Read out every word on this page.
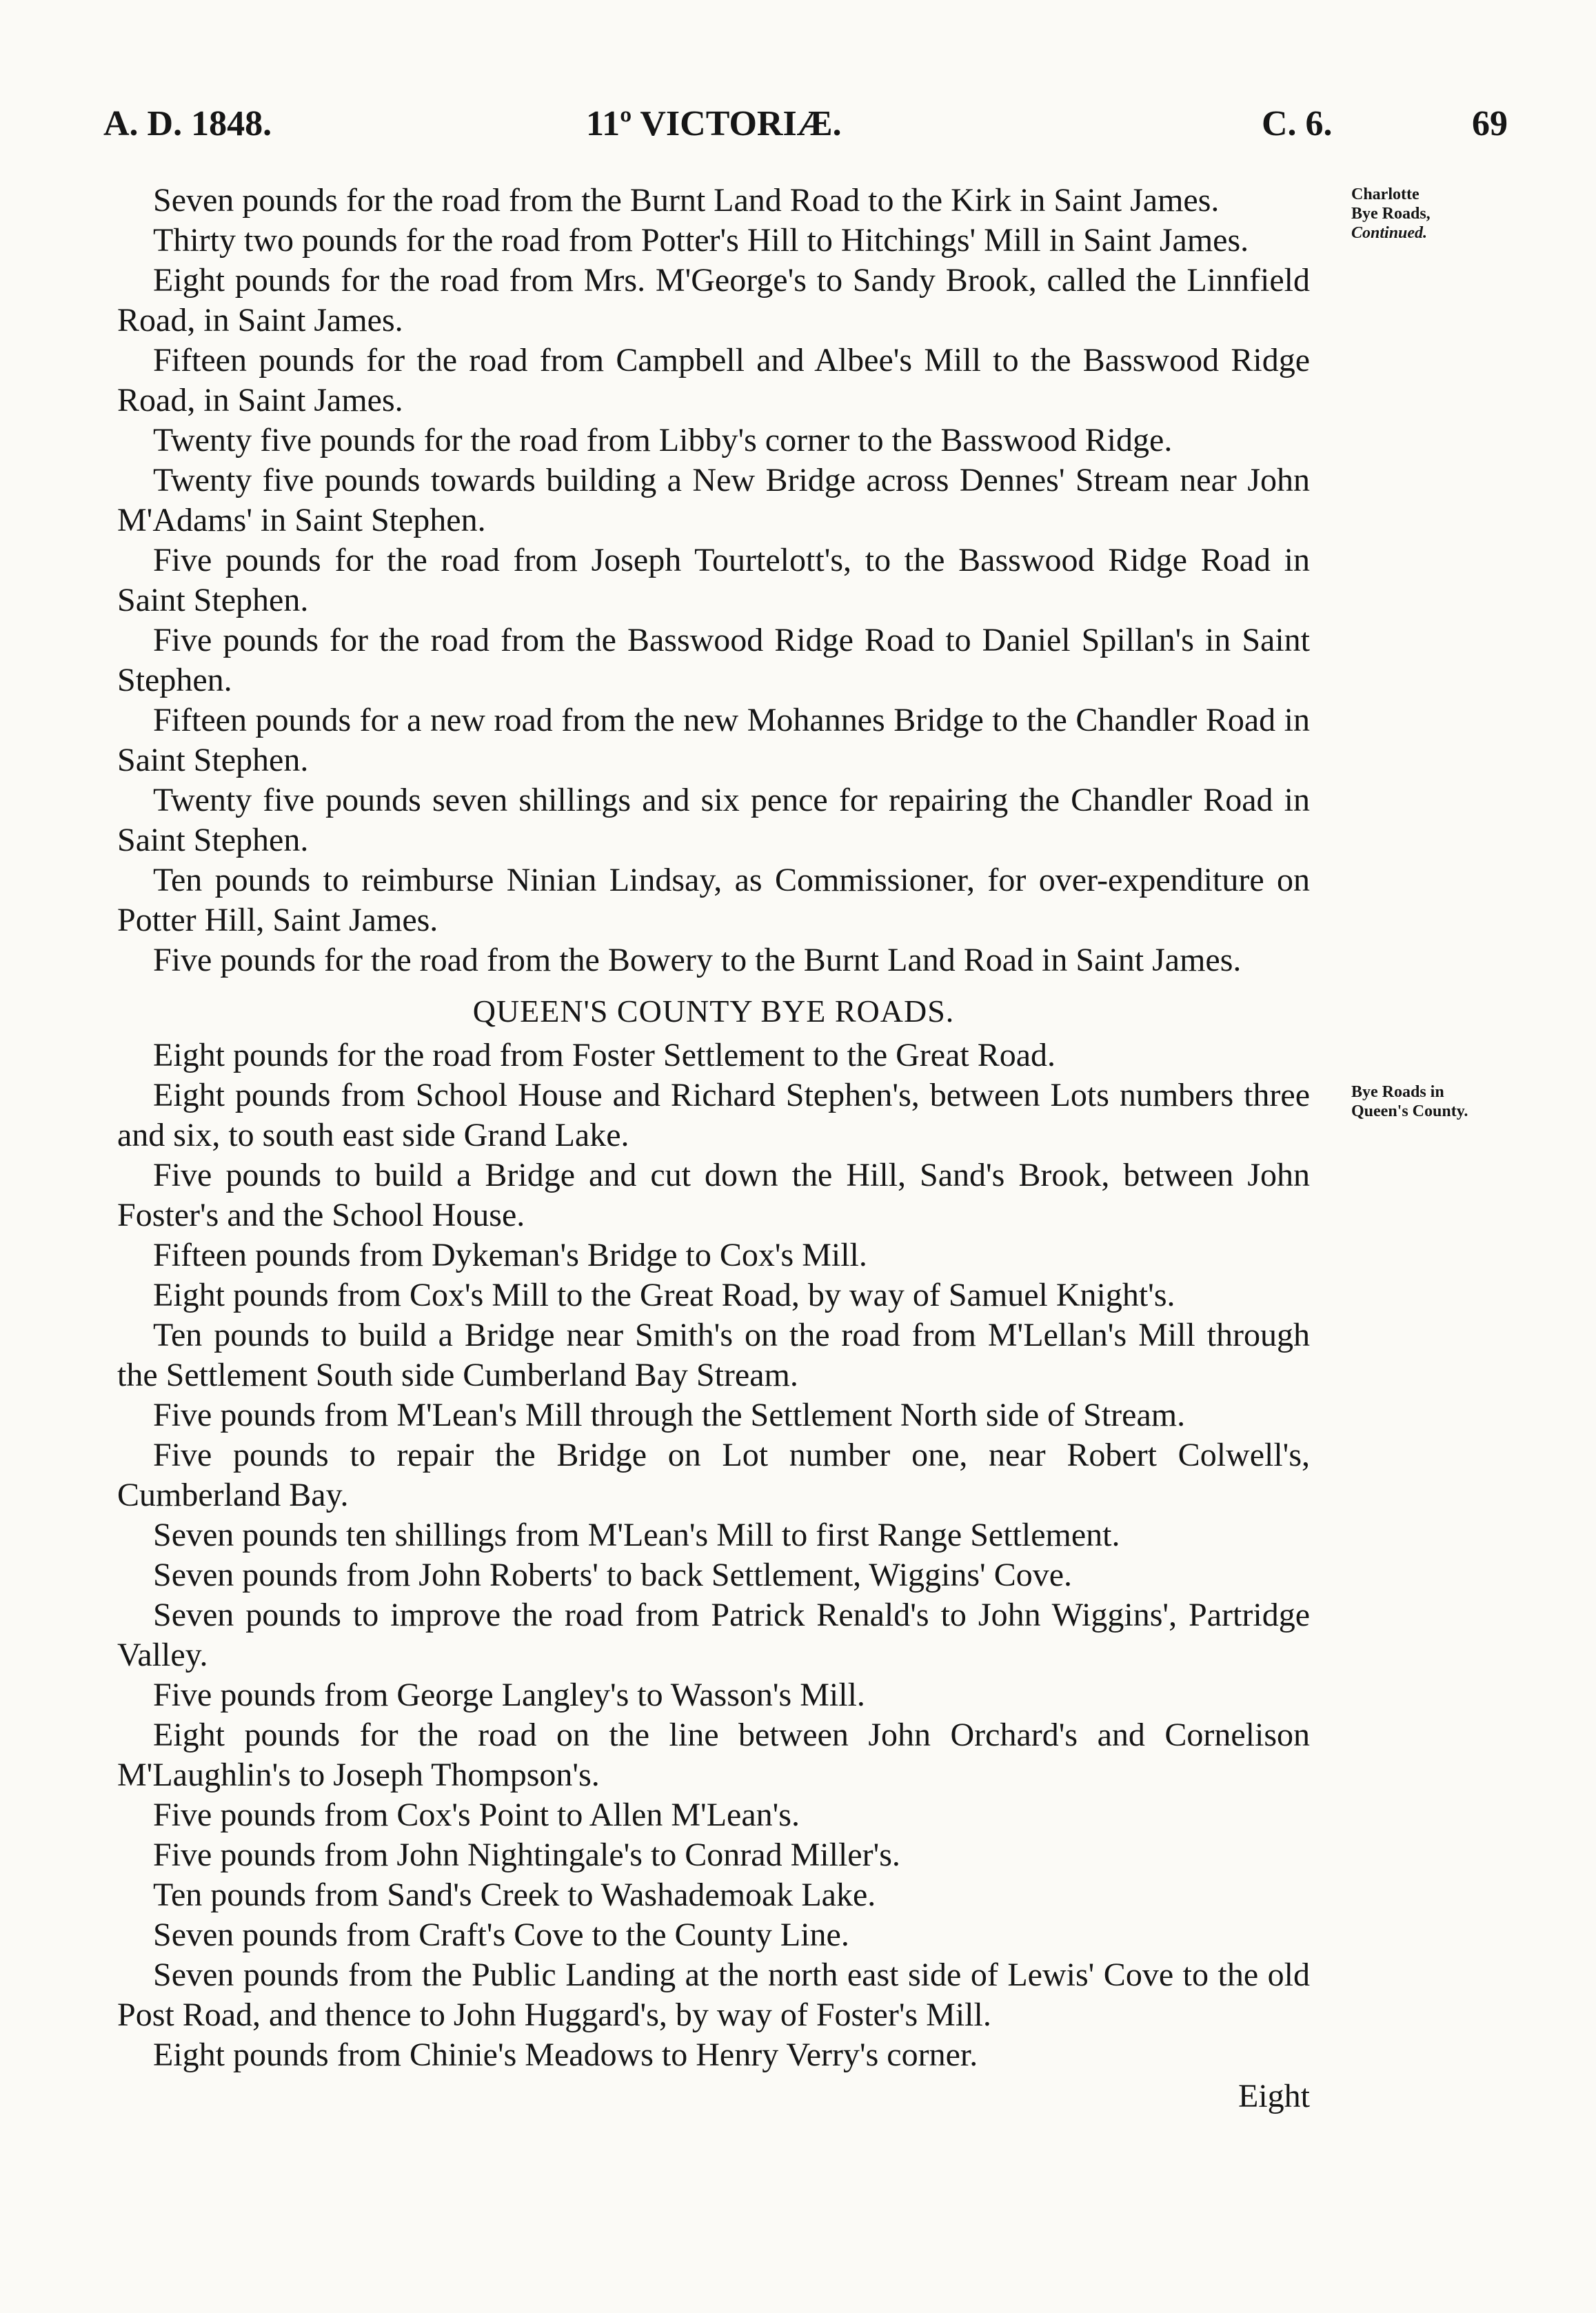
A. D. 1848.	11º VICTORIÆ.	C. 6.	69
Charlotte
Bye Roads,
Continued.
Bye Roads in
Queen's County.

Seven pounds for the road from the Burnt Land Road to the Kirk in Saint James.

Thirty two pounds for the road from Potter's Hill to Hitchings' Mill in Saint James.

Eight pounds for the road from Mrs. M'George's to Sandy Brook, called the Linnfield Road, in Saint James.

Fifteen pounds for the road from Campbell and Albee's Mill to the Basswood Ridge Road, in Saint James.

Twenty five pounds for the road from Libby's corner to the Basswood Ridge.

Twenty five pounds towards building a New Bridge across Dennes' Stream near John M'Adams' in Saint Stephen.

Five pounds for the road from Joseph Tourtelott's, to the Basswood Ridge Road in Saint Stephen.

Five pounds for the road from the Basswood Ridge Road to Daniel Spillan's in Saint Stephen.

Fifteen pounds for a new road from the new Mohannes Bridge to the Chandler Road in Saint Stephen.

Twenty five pounds seven shillings and six pence for repairing the Chandler Road in Saint Stephen.

Ten pounds to reimburse Ninian Lindsay, as Commissioner, for over-expenditure on Potter Hill, Saint James.

Five pounds for the road from the Bowery to the Burnt Land Road in Saint James.

QUEEN'S COUNTY BYE ROADS.

Eight pounds for the road from Foster Settlement to the Great Road.

Eight pounds from School House and Richard Stephen's, between Lots numbers three and six, to south east side Grand Lake.

Five pounds to build a Bridge and cut down the Hill, Sand's Brook, between John Foster's and the School House.

Fifteen pounds from Dykeman's Bridge to Cox's Mill.

Eight pounds from Cox's Mill to the Great Road, by way of Samuel Knight's.

Ten pounds to build a Bridge near Smith's on the road from M'Lellan's Mill through the Settlement South side Cumberland Bay Stream.

Five pounds from M'Lean's Mill through the Settlement North side of Stream.

Five pounds to repair the Bridge on Lot number one, near Robert Colwell's, Cumberland Bay.

Seven pounds ten shillings from M'Lean's Mill to first Range Settlement.

Seven pounds from John Roberts' to back Settlement, Wiggins' Cove.

Seven pounds to improve the road from Patrick Renald's to John Wiggins', Partridge Valley.

Five pounds from George Langley's to Wasson's Mill.

Eight pounds for the road on the line between John Orchard's and Cornelison M'Laughlin's to Joseph Thompson's.

Five pounds from Cox's Point to Allen M'Lean's.

Five pounds from John Nightingale's to Conrad Miller's.

Ten pounds from Sand's Creek to Washademoak Lake.

Seven pounds from Craft's Cove to the County Line.

Seven pounds from the Public Landing at the north east side of Lewis' Cove to the old Post Road, and thence to John Huggard's, by way of Foster's Mill.

Eight pounds from Chinie's Meadows to Henry Verry's corner.

Eight
